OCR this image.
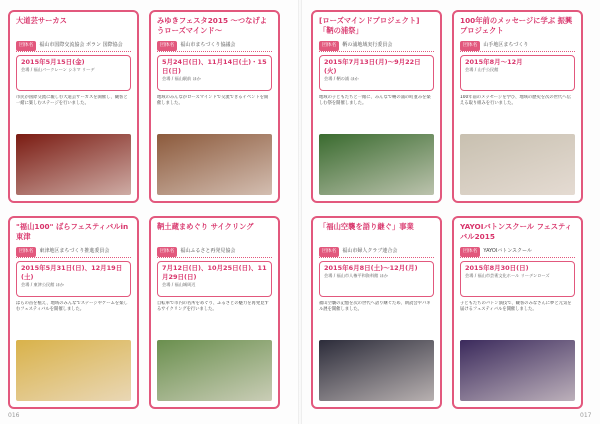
大道芸サーカス
団体名 福山市国際交流協会 ボラン 国際協会
2015年5月15日(金)
会場 / 福山パークレーン シネマ リーデ
市民が国際交流に親しむ大道芸サーカスを開催し、観客と一緒に楽しむステージを行いました。
みゆきフェスタ2015 ～つなげようローズマインド～
団体名 福山市まちづくり協議会
5月24日(日)、11月14日(土)・15日(日)
会場 / 福山駅前 ほか
地域のみんながローズマインドで交流できるイベントを開催しました。
[ローズマインドプロジェクト] 「鞆の浦祭」
団体名 鞆の浦地域実行委員会
2015年7月13日(月)～9月22日(火)
会場 / 鞆の浦 ほか
地域の子どもたちと一緒に、みんなで鞆の浦の町並みを楽しむ祭を開催しました。
100年前のメッセージに学ぶ 振興プロジェクト
団体名 山手地区まちづくり
2015年8月～12月
会場 / 山手公民館
100年前のメッセージを学び、地域の歴史を次の世代へ伝える取り組みを行いました。
"福山100" ばらフェスティバルin東津
団体名 東津地区まちづくり推進委員会
2015年5月31日(日)、12月19日(土)
会場 / 東津公民館 ほか
ばらの苗を植え、地域のみんなでステージやゲームを楽しむフェスティバルを開催しました。
鞆土蔵まめぐり サイクリング
団体名 福山ふるさと再発見協会
7月12日(日)、10月25日(日)、11月29日(日)
会場 / 福山城周辺
自転車で市内の名所をめぐり、ふるさとの魅力を再発見するサイクリングを行いました。
「福山空襲を語り継ぐ」事業
団体名 福山市婦人クラブ連合会
2015年6月8日(土)～12月(月)
会場 / 福山市人権平和資料館 ほか
福山空襲の記憶を次の世代へ語り継ぐため、朗読会やパネル展を開催しました。
YAYOIバトンスクール フェスティバル2015
団体名 YAYOIバトンスクール
2015年8月30日(日)
会場 / 福山市芸術文化ホール リーデンローズ
子どもたちのバトン演技で、観客のみなさんに夢と元気を届けるフェスティバルを開催しました。
016	017
